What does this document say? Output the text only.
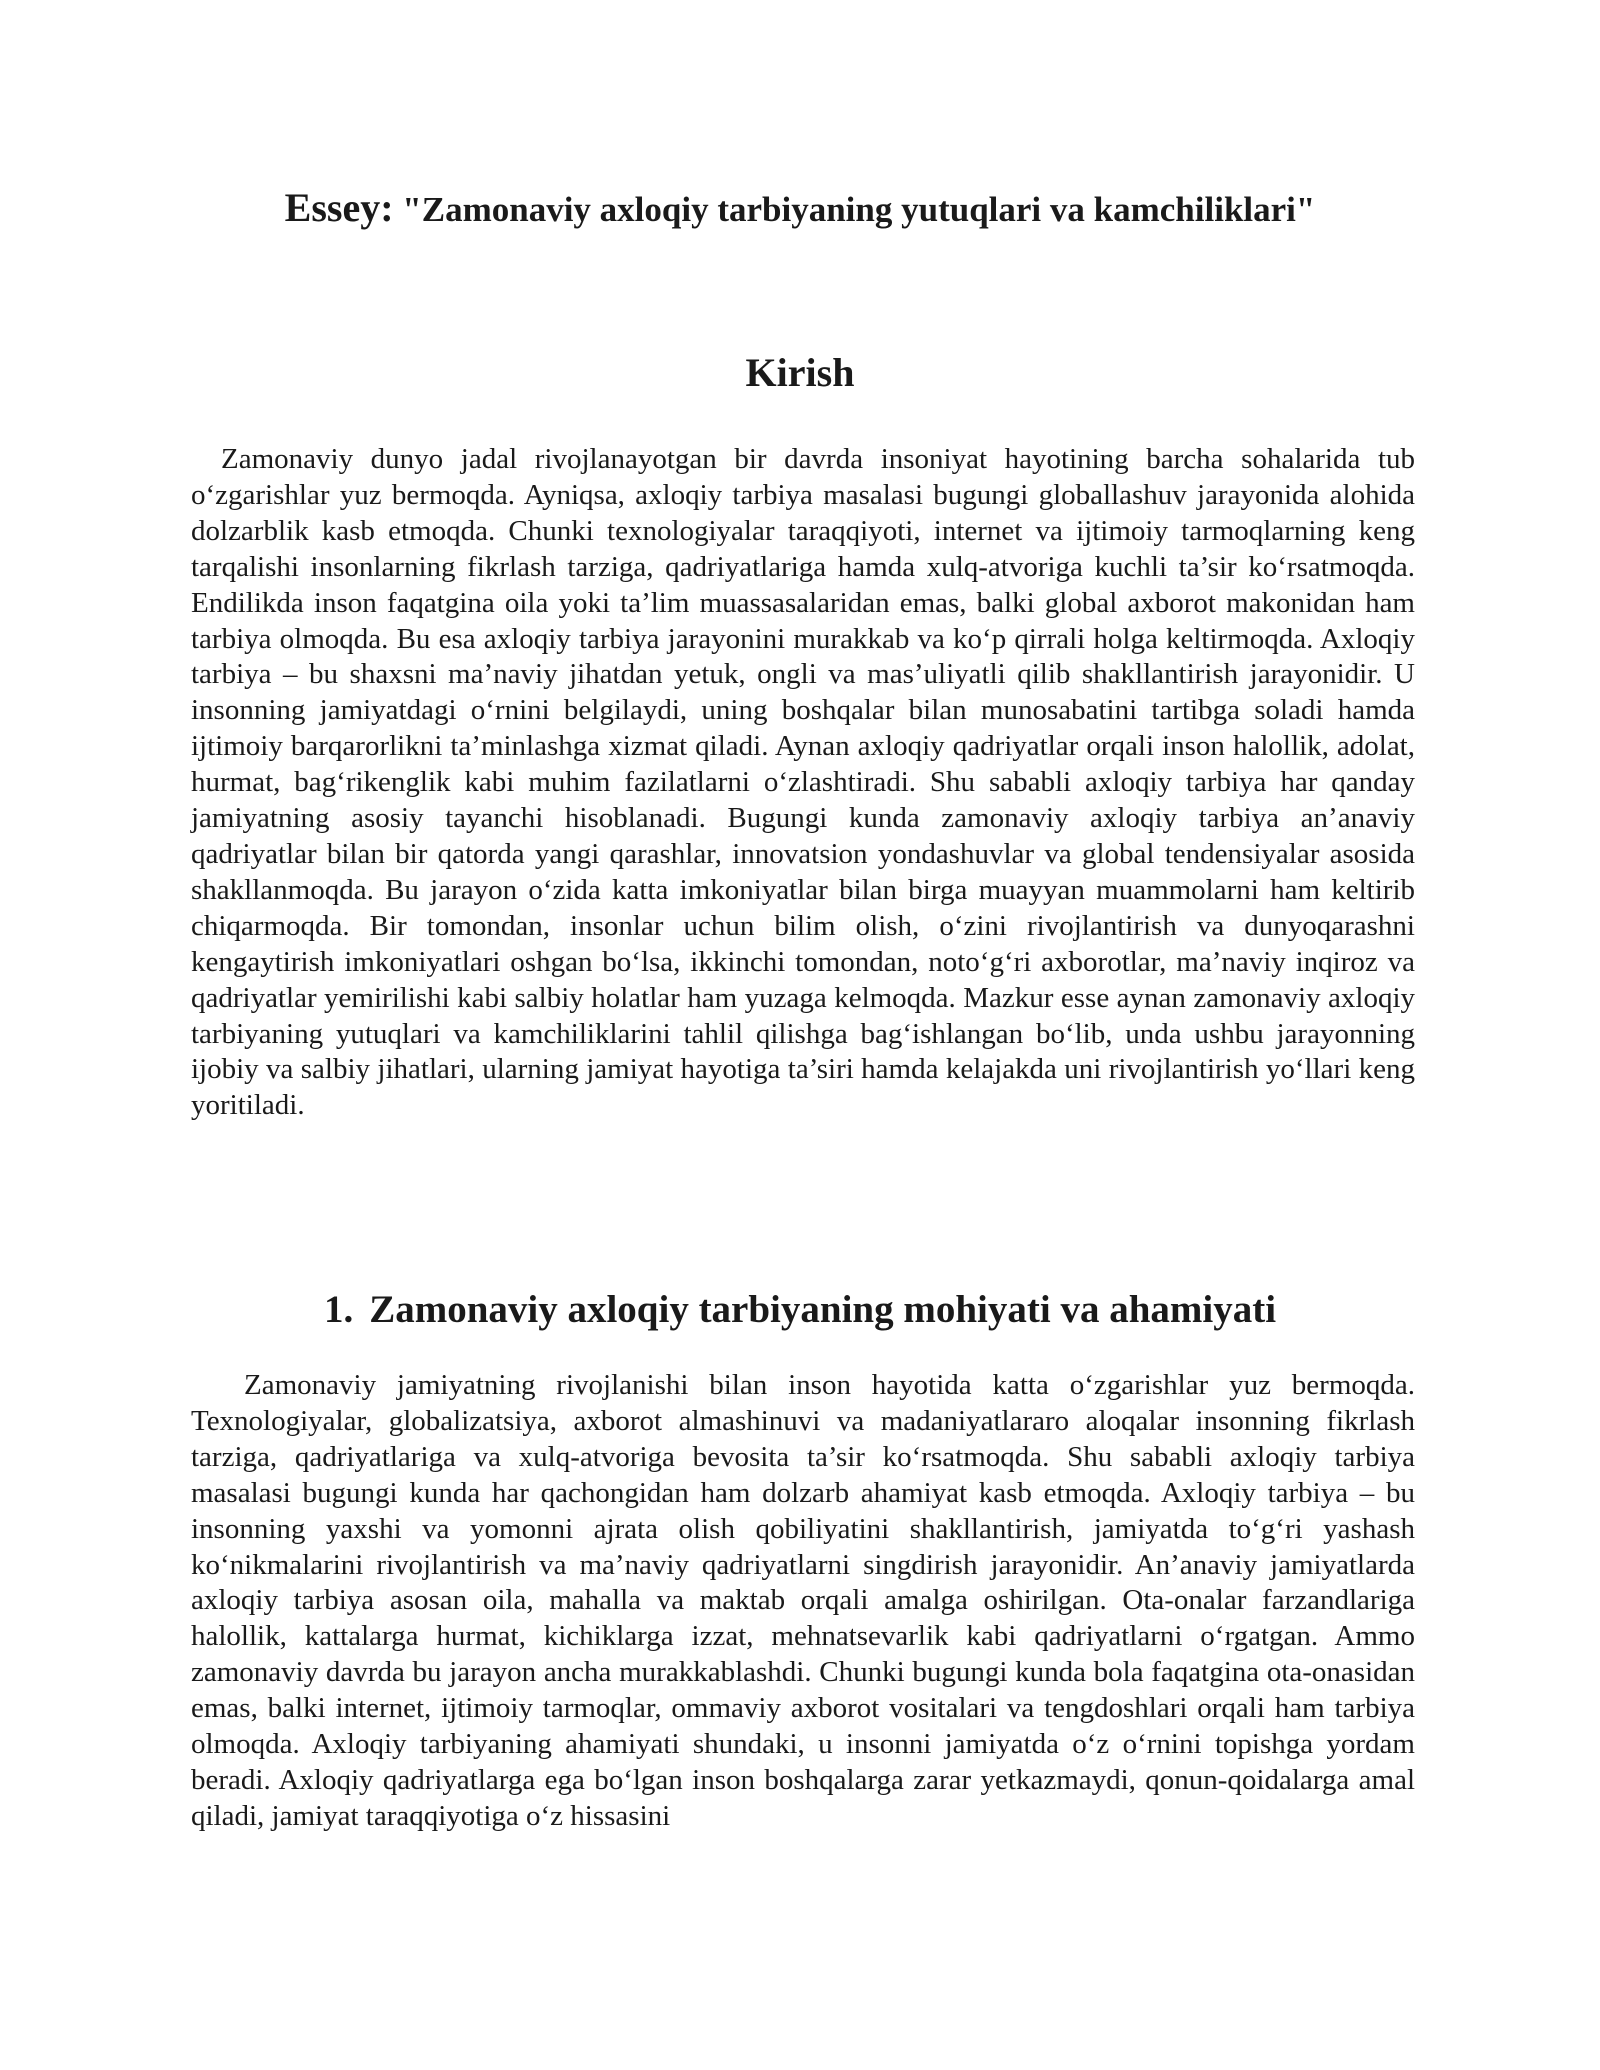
Essey: "Zamonaviy axloqiy tarbiyaning yutuqlari va kamchiliklari"
Kirish

Zamonaviy dunyo jadal rivojlanayotgan bir davrda insoniyat hayotining barcha sohalarida tub o‘zgarishlar yuz bermoqda. Ayniqsa, axloqiy tarbiya masalasi bugungi globallashuv jarayonida alohida dolzarblik kasb etmoqda. Chunki texnologiyalar taraqqiyoti, internet va ijtimoiy tarmoqlarning keng tarqalishi insonlarning fikrlash tarziga, qadriyatlariga hamda xulq-atvoriga kuchli ta’sir ko‘rsatmoqda. Endilikda inson faqatgina oila yoki ta’lim muassasalaridan emas, balki global axborot makonidan ham tarbiya olmoqda. Bu esa axloqiy tarbiya jarayonini murakkab va ko‘p qirrali holga keltirmoqda. Axloqiy tarbiya – bu shaxsni ma’naviy jihatdan yetuk, ongli va mas’uliyatli qilib shakllantirish jarayonidir. U insonning jamiyatdagi o‘rnini belgilaydi, uning boshqalar bilan munosabatini tartibga soladi hamda ijtimoiy barqarorlikni ta’minlashga xizmat qiladi. Aynan axloqiy qadriyatlar orqali inson halollik, adolat, hurmat, bag‘rikenglik kabi muhim fazilatlarni o‘zlashtiradi. Shu sababli axloqiy tarbiya har qanday jamiyatning asosiy tayanchi hisoblanadi. Bugungi kunda zamonaviy axloqiy tarbiya an’anaviy qadriyatlar bilan bir qatorda yangi qarashlar, innovatsion yondashuvlar va global tendensiyalar asosida shakllanmoqda. Bu jarayon o‘zida katta imkoniyatlar bilan birga muayyan muammolarni ham keltirib chiqarmoqda. Bir tomondan, insonlar uchun bilim olish, o‘zini rivojlantirish va dunyoqarashni kengaytirish imkoniyatlari oshgan bo‘lsa, ikkinchi tomondan, noto‘g‘ri axborotlar, ma’naviy inqiroz va qadriyatlar yemirilishi kabi salbiy holatlar ham yuzaga kelmoqda. Mazkur esse aynan zamonaviy axloqiy tarbiyaning yutuqlari va kamchiliklarini tahlil qilishga bag‘ishlangan bo‘lib, unda ushbu jarayonning ijobiy va salbiy jihatlari, ularning jamiyat hayotiga ta’siri hamda kelajakda uni rivojlantirish yo‘llari keng yoritiladi.

1. Zamonaviy axloqiy tarbiyaning mohiyati va ahamiyati

Zamonaviy jamiyatning rivojlanishi bilan inson hayotida katta o‘zgarishlar yuz bermoqda. Texnologiyalar, globalizatsiya, axborot almashinuvi va madaniyatlararo aloqalar insonning fikrlash tarziga, qadriyatlariga va xulq-atvoriga bevosita ta’sir ko‘rsatmoqda. Shu sababli axloqiy tarbiya masalasi bugungi kunda har qachongidan ham dolzarb ahamiyat kasb etmoqda. Axloqiy tarbiya – bu insonning yaxshi va yomonni ajrata olish qobiliyatini shakllantirish, jamiyatda to‘g‘ri yashash ko‘nikmalarini rivojlantirish va ma’naviy qadriyatlarni singdirish jarayonidir. An’anaviy jamiyatlarda axloqiy tarbiya asosan oila, mahalla va maktab orqali amalga oshirilgan. Ota-onalar farzandlariga halollik, kattalarga hurmat, kichiklarga izzat, mehnatsevarlik kabi qadriyatlarni o‘rgatgan. Ammo zamonaviy davrda bu jarayon ancha murakkablashdi. Chunki bugungi kunda bola faqatgina ota-onasidan emas, balki internet, ijtimoiy tarmoqlar, ommaviy axborot vositalari va tengdoshlari orqali ham tarbiya olmoqda. Axloqiy tarbiyaning ahamiyati shundaki, u insonni jamiyatda o‘z o‘rnini topishga yordam beradi. Axloqiy qadriyatlarga ega bo‘lgan inson boshqalarga zarar yetkazmaydi, qonun-qoidalarga amal qiladi, jamiyat taraqqiyotiga o‘z hissasini
